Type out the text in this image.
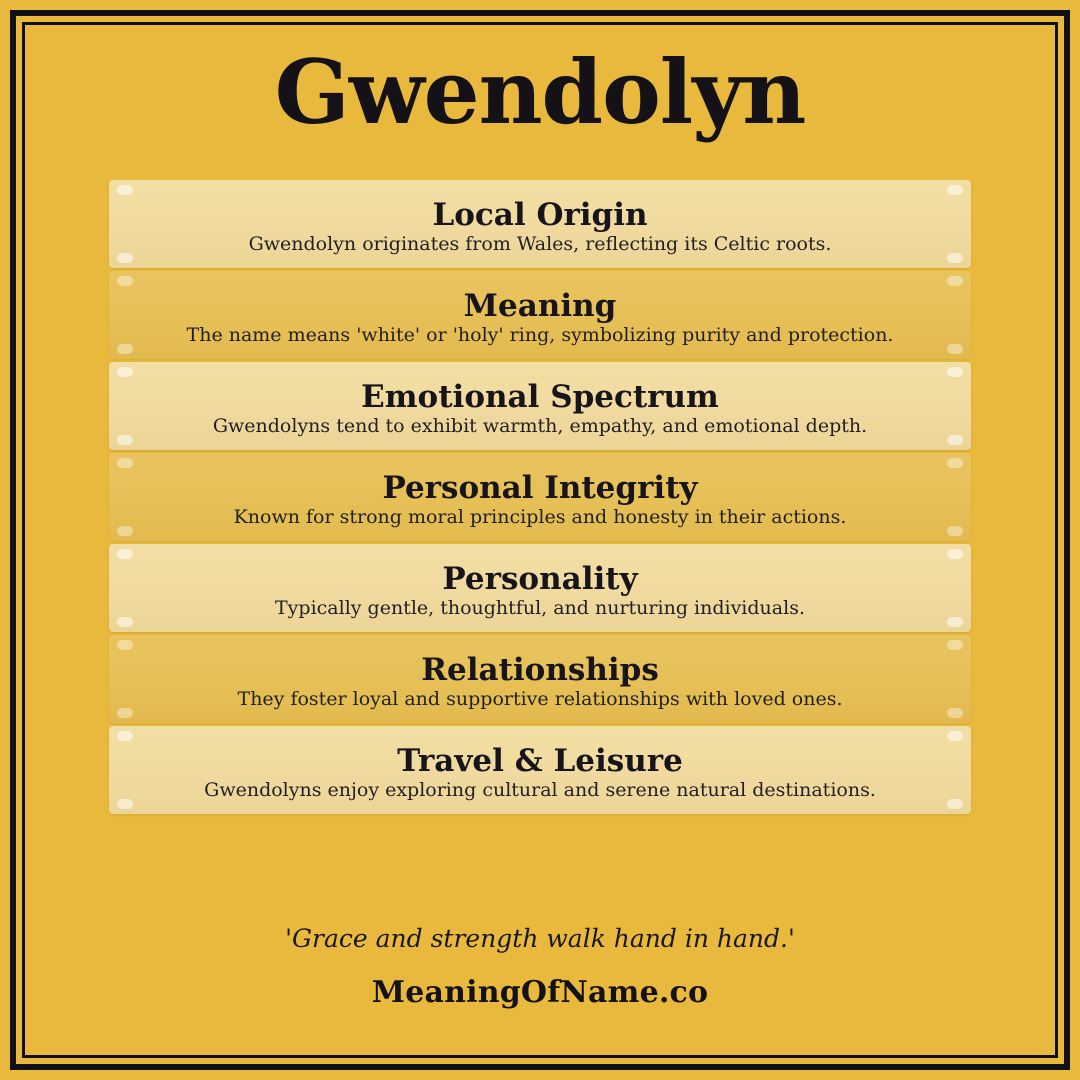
Gwendolyn
Local Origin
Gwendolyn originates from Wales, reflecting its Celtic roots.
Meaning
The name means 'white' or 'holy' ring, symbolizing purity and protection.
Emotional Spectrum
Gwendolyns tend to exhibit warmth, empathy, and emotional depth.
Personal Integrity
Known for strong moral principles and honesty in their actions.
Personality
Typically gentle, thoughtful, and nurturing individuals.
Relationships
They foster loyal and supportive relationships with loved ones.
Travel & Leisure
Gwendolyns enjoy exploring cultural and serene natural destinations.
'Grace and strength walk hand in hand.'
MeaningOfName.co
